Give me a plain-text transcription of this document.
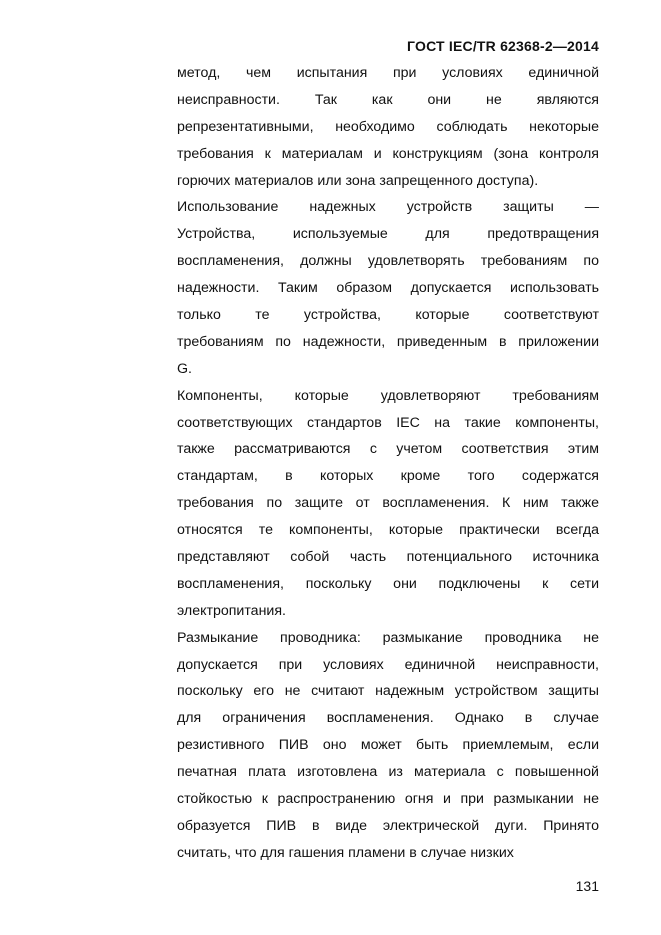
ГОСТ IEC/TR 62368-2—2014
метод, чем испытания при условиях единичной
неисправности. Так как они не являются
репрезентативными, необходимо соблюдать некоторые
требования к материалам и конструкциям (зона контроля
горючих материалов или зона запрещенного доступа).
Использование надежных устройств защиты —
Устройства, используемые для предотвращения
воспламенения, должны удовлетворять требованиям по
надежности. Таким образом допускается использовать
только те устройства, которые соответствуют
требованиям по надежности, приведенным в приложении
G.
Компоненты, которые удовлетворяют требованиям
соответствующих стандартов IEC на такие компоненты,
также рассматриваются с учетом соответствия этим
стандартам, в которых кроме того содержатся
требования по защите от воспламенения. К ним также
относятся те компоненты, которые практически всегда
представляют собой часть потенциального источника
воспламенения, поскольку они подключены к сети
электропитания.
Размыкание проводника: размыкание проводника не
допускается при условиях единичной неисправности,
поскольку его не считают надежным устройством защиты
для ограничения воспламенения. Однако в случае
резистивного ПИВ оно может быть приемлемым, если
печатная плата изготовлена из материала с повышенной
стойкостью к распространению огня и при размыкании не
образуется ПИВ в виде электрической дуги. Принято
считать, что для гашения пламени в случае низких
131
